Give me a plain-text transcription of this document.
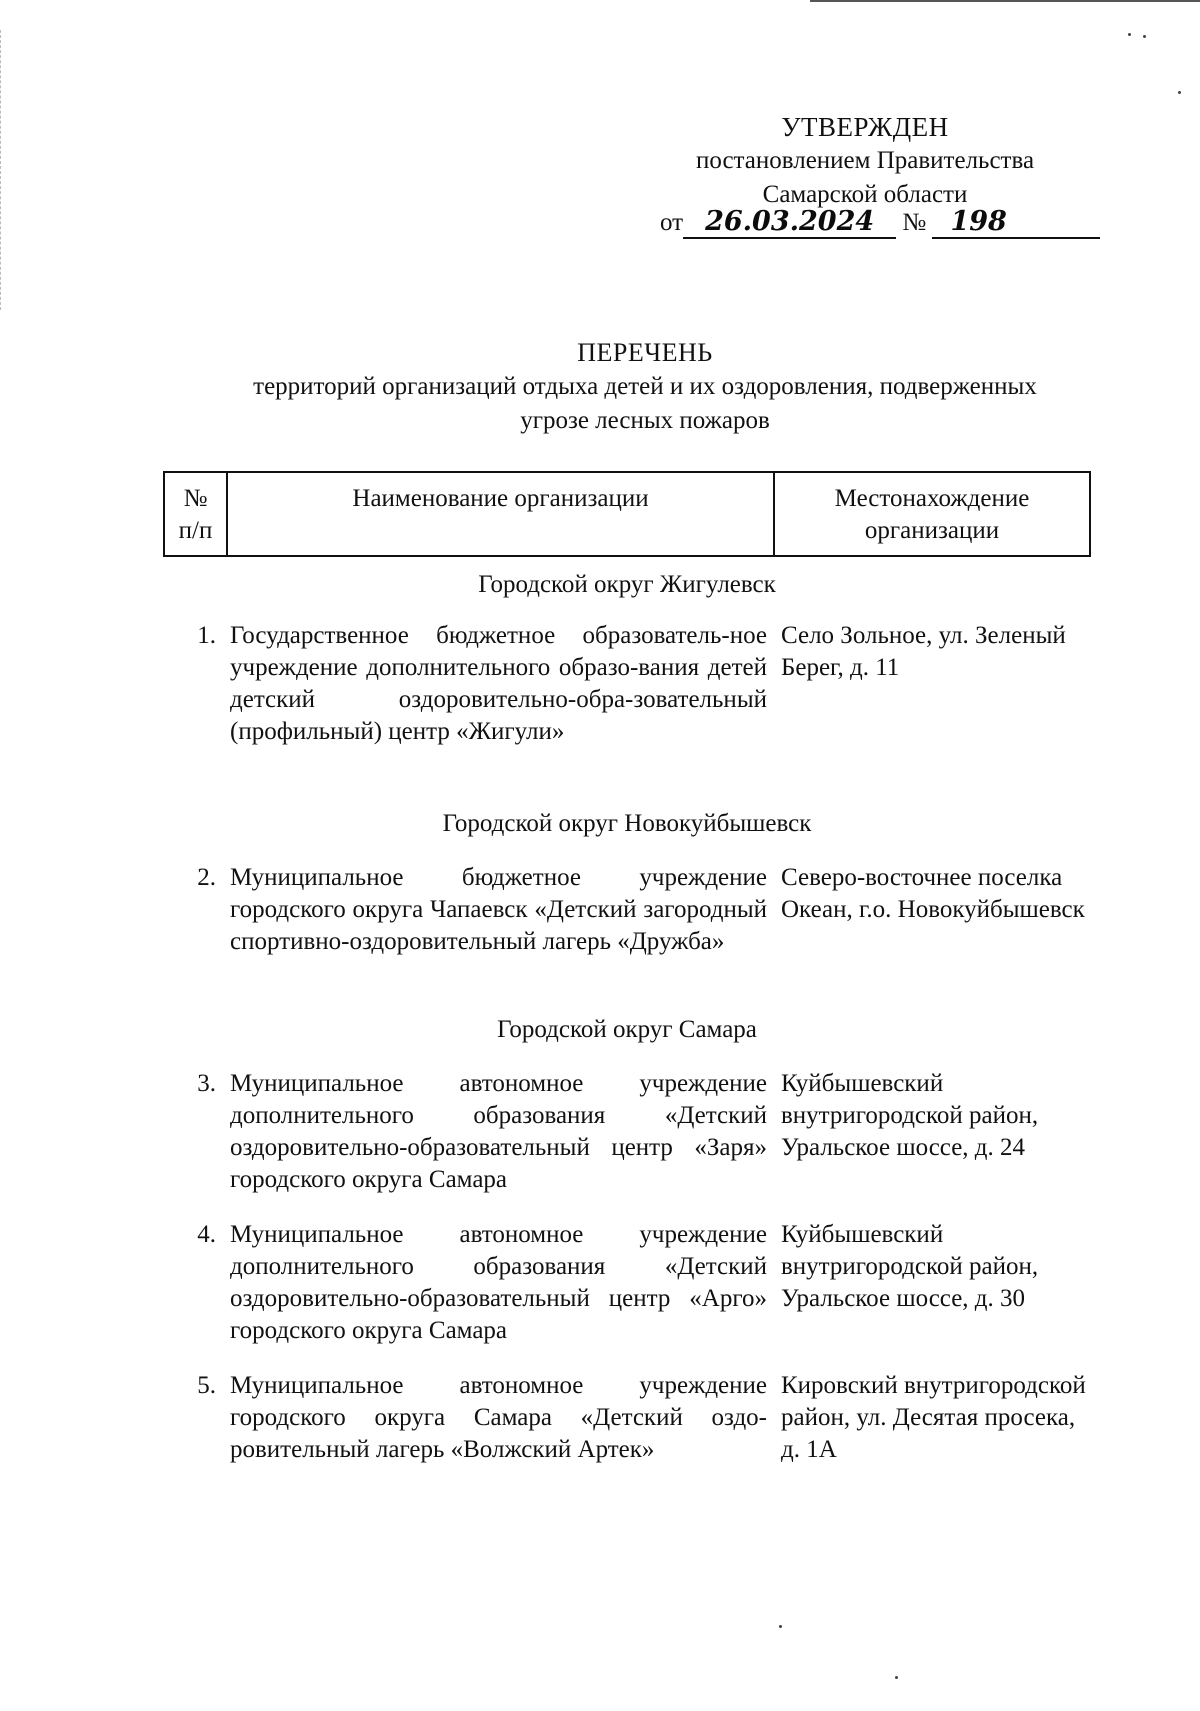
УТВЕРЖДЕН
постановлением Правительства
Самарской области
от 26.03.2024 № 198
ПЕРЕЧЕНЬ
территорий организаций отдыха детей и их оздоровления, подверженных
угрозе лесных пожаров
№ п/п
Наименование организации	Местонахождение организации
Городской округ Жигулевск
1. Государственное бюджетное образователь-ное учреждение дополнительного образо-вания детей детский оздоровительно-обра-зовательный (профильный) центр «Жигули»
Село Зольное, ул. Зеленый Берег, д. 11
Городской округ Новокуйбышевск
2. Муниципальное бюджетное учреждение городского округа Чапаевск «Детский загородный спортивно-оздоровительный лагерь «Дружба»
Северо-восточнее поселка Океан, г.о. Новокуйбышевск
Городской округ Самара
3. Муниципальное автономное учреждение дополнительного образования «Детский оздоровительно-образовательный центр «Заря» городского округа Самара
Куйбышевский внутригородской район, Уральское шоссе, д. 24
4. Муниципальное автономное учреждение дополнительного образования «Детский оздоровительно-образовательный центр «Арго» городского округа Самара
Куйбышевский внутригородской район, Уральское шоссе, д. 30
5. Муниципальное автономное учреждение городского округа Самара «Детский оздо-ровительный лагерь «Волжский Артек»
Кировский внутригородской район, ул. Десятая просека, д. 1А
